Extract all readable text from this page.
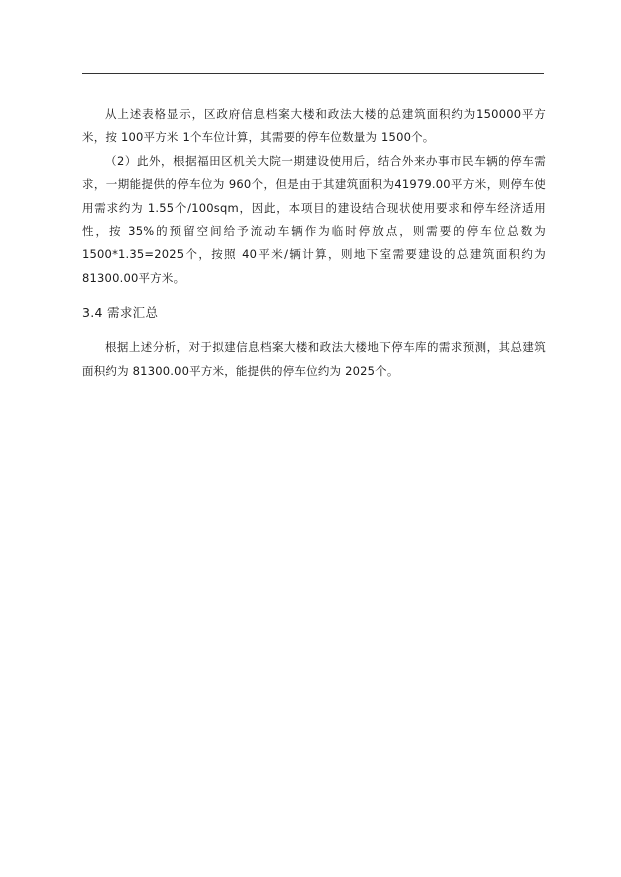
从上述表格显示，区政府信息档案大楼和政法大楼的总建筑面积约为150000平方米，按 100平方米 1个车位计算，其需要的停车位数量为 1500个。

（2）此外，根据福田区机关大院一期建设使用后，结合外来办事市民车辆的停车需求，一期能提供的停车位为 960个，但是由于其建筑面积为41979.00平方米，则停车使用需求约为 1.55个/100sqm，因此，本项目的建设结合现状使用要求和停车经济适用性，按 35%的预留空间给予流动车辆作为临时停放点，则需要的停车位总数为 1500*1.35=2025个，按照 40平米/辆计算，则地下室需要建设的总建筑面积约为 81300.00平方米。

3.4 需求汇总

根据上述分析，对于拟建信息档案大楼和政法大楼地下停车库的需求预测，其总建筑面积约为 81300.00平方米，能提供的停车位约为 2025个。
